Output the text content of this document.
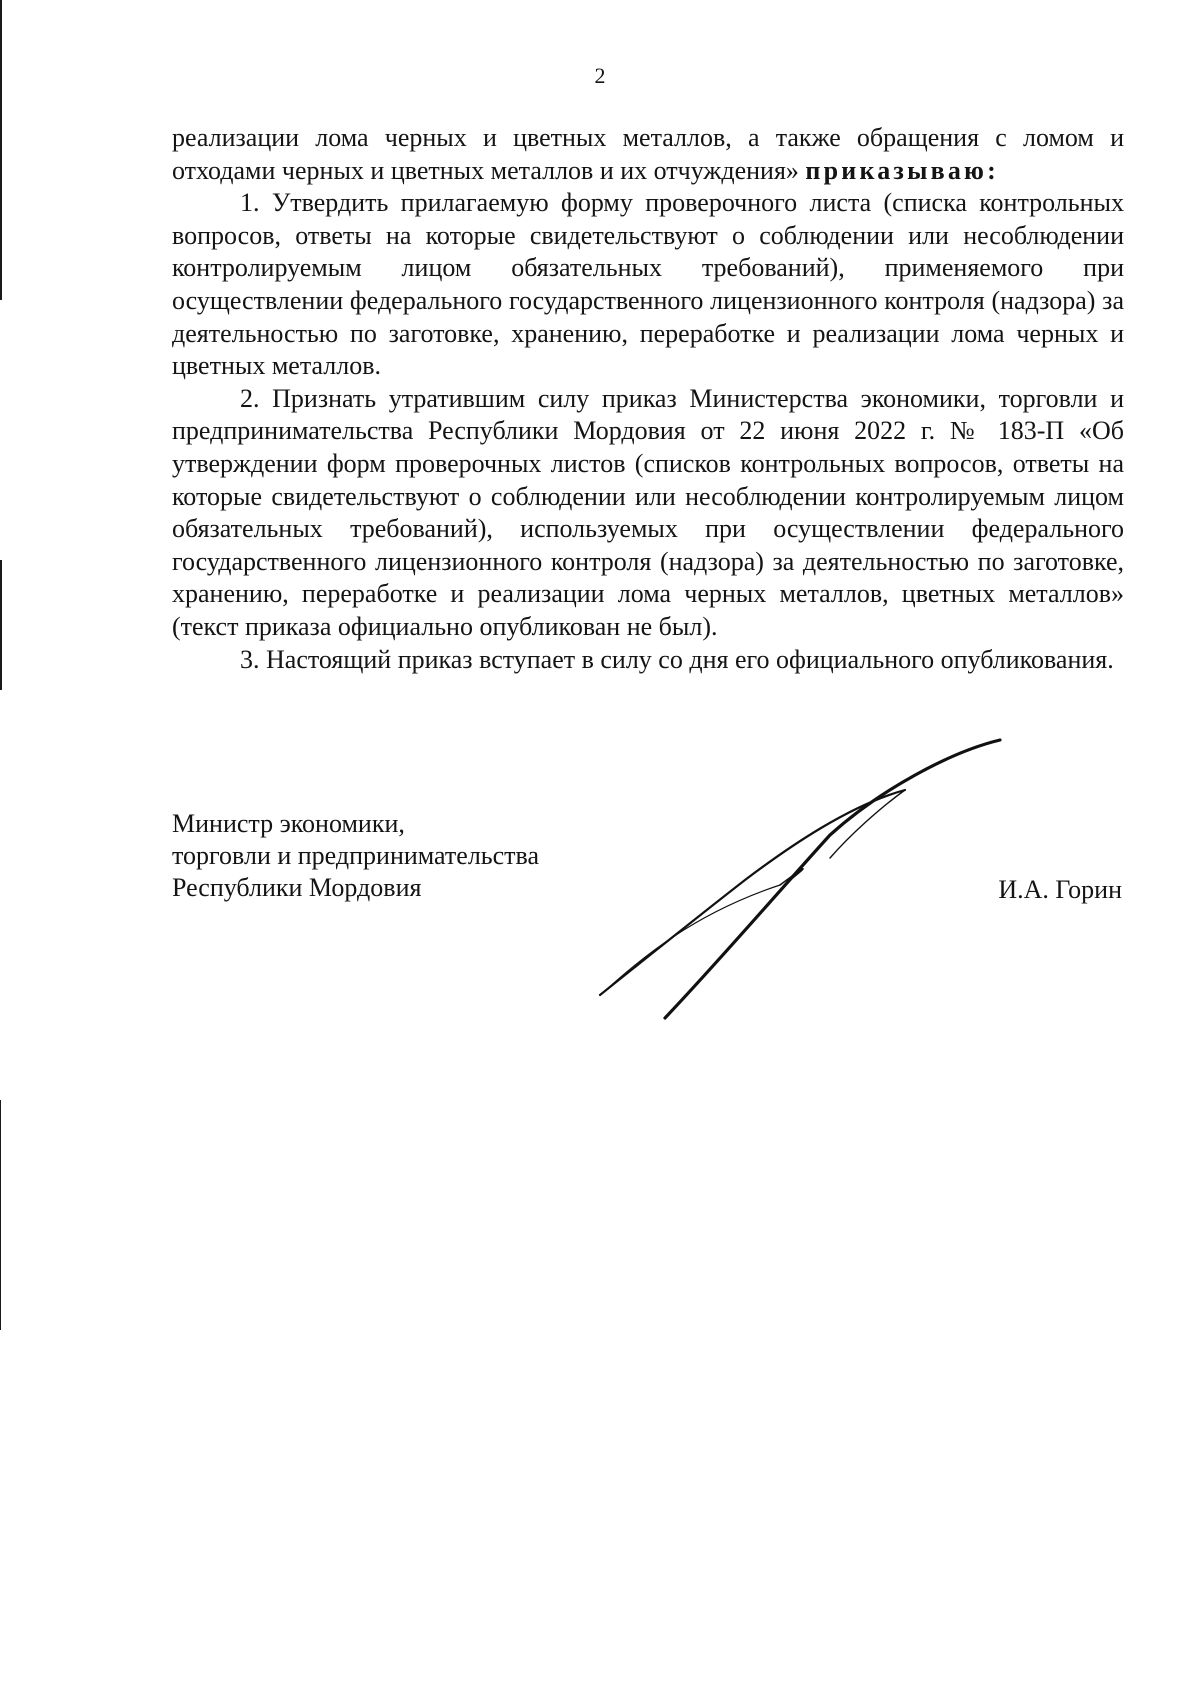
2

реализации лома черных и цветных металлов, а также обращения с ломом и отходами черных и цветных металлов и их отчуждения» приказываю:

1. Утвердить прилагаемую форму проверочного листа (списка контрольных вопросов, ответы на которые свидетельствуют о соблюдении или несоблюдении контролируемым лицом обязательных требований), применяемого при осуществлении федерального государственного лицензионного контроля (надзора) за деятельностью по заготовке, хранению, переработке и реализации лома черных и цветных металлов.

2. Признать утратившим силу приказ Министерства экономики, торговли и предпринимательства Республики Мордовия от 22 июня 2022 г. № 183-П «Об утверждении форм проверочных листов (списков контрольных вопросов, ответы на которые свидетельствуют о соблюдении или несоблюдении контролируемым лицом обязательных требований), используемых при осуществлении федерального государственного лицензионного контроля (надзора) за деятельностью по заготовке, хранению, переработке и реализации лома черных металлов, цветных металлов» (текст приказа официально опубликован не был).

3. Настоящий приказ вступает в силу со дня его официального опубликования.

Министр экономики,
торговли и предпринимательства
Республики Мордовия	И.А. Горин
